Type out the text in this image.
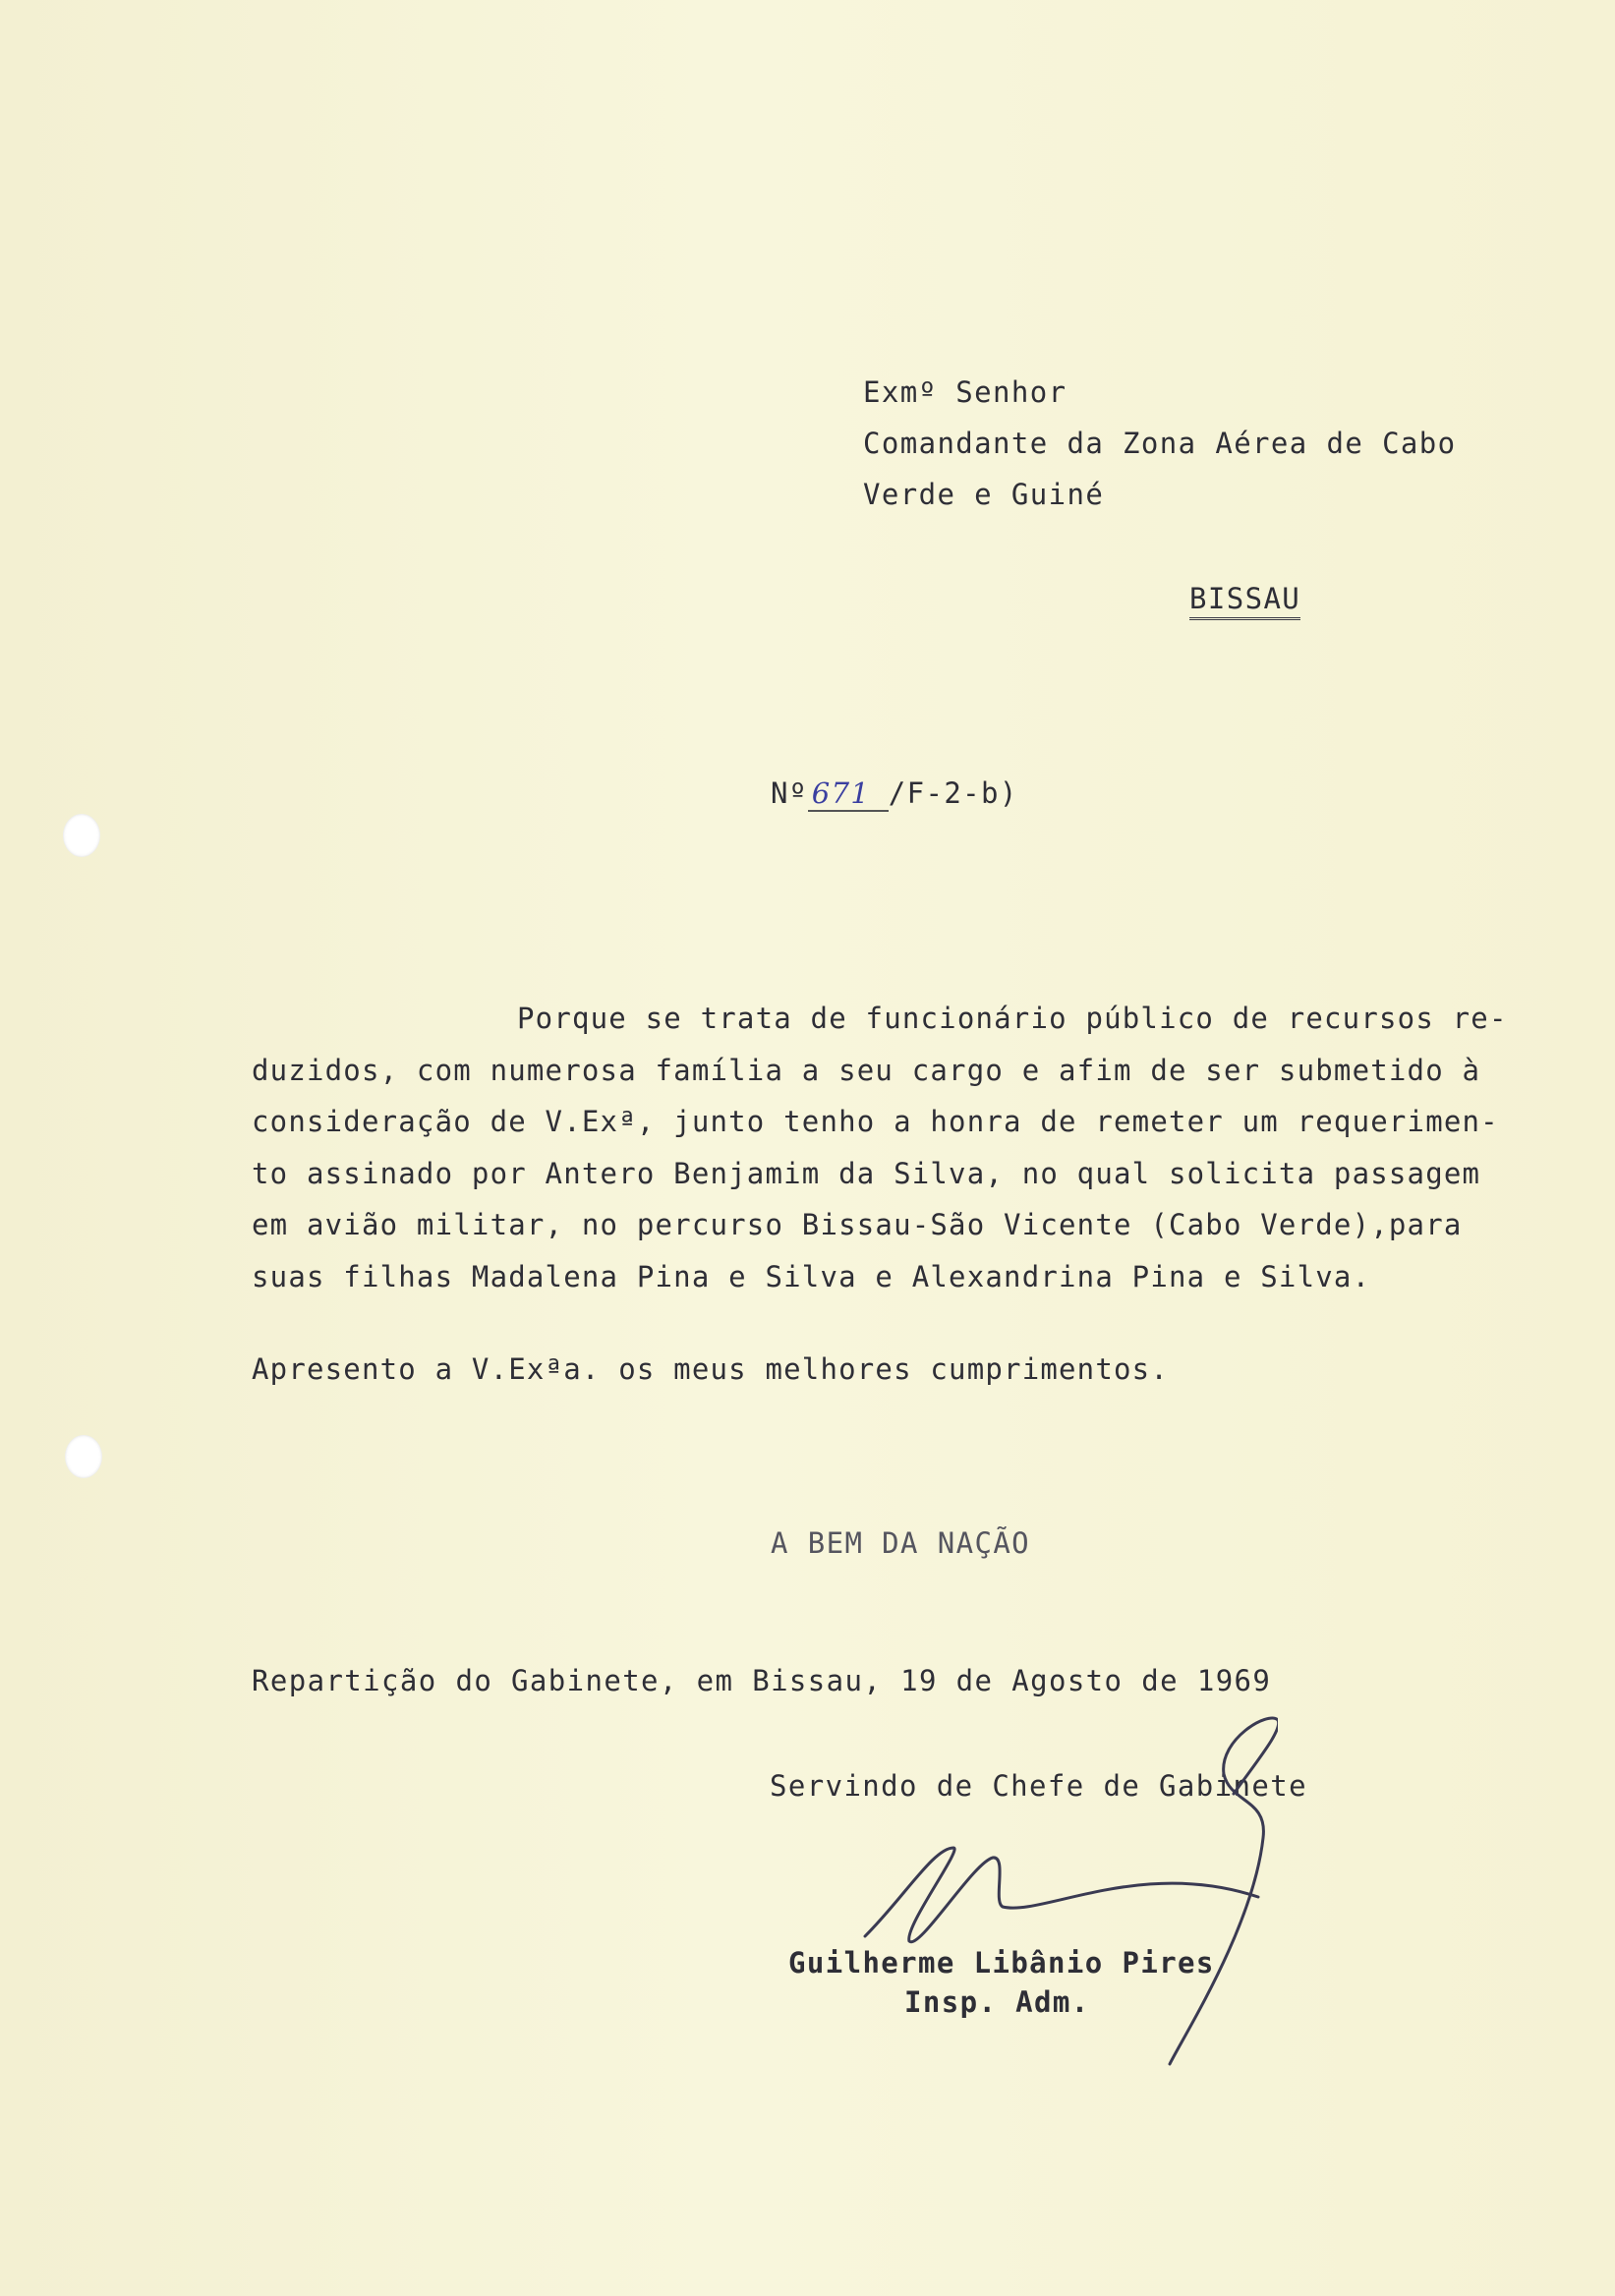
Exmº Senhor
Comandante da Zona Aérea de Cabo
Verde e Guiné
BISSAU
Nº 671 /F-2-b)

Porque se trata de funcionário público de recursos re-

duzidos, com numerosa família a seu cargo e afim de ser submetido à

consideração de V.Exª, junto tenho a honra de remeter um requerimen-

to assinado por Antero Benjamim da Silva, no qual solicita passagem

em avião militar, no percurso Bissau-São Vicente (Cabo Verde),para

suas filhas Madalena Pina e Silva e Alexandrina Pina e Silva.

Apresento a V.Exªa. os meus melhores cumprimentos.

A BEM DA NAÇÃO
Repartição do Gabinete, em Bissau, 19 de Agosto de 1969
Servindo de Chefe de Gabinete
Guilherme Libânio Pires
Insp. Adm.
